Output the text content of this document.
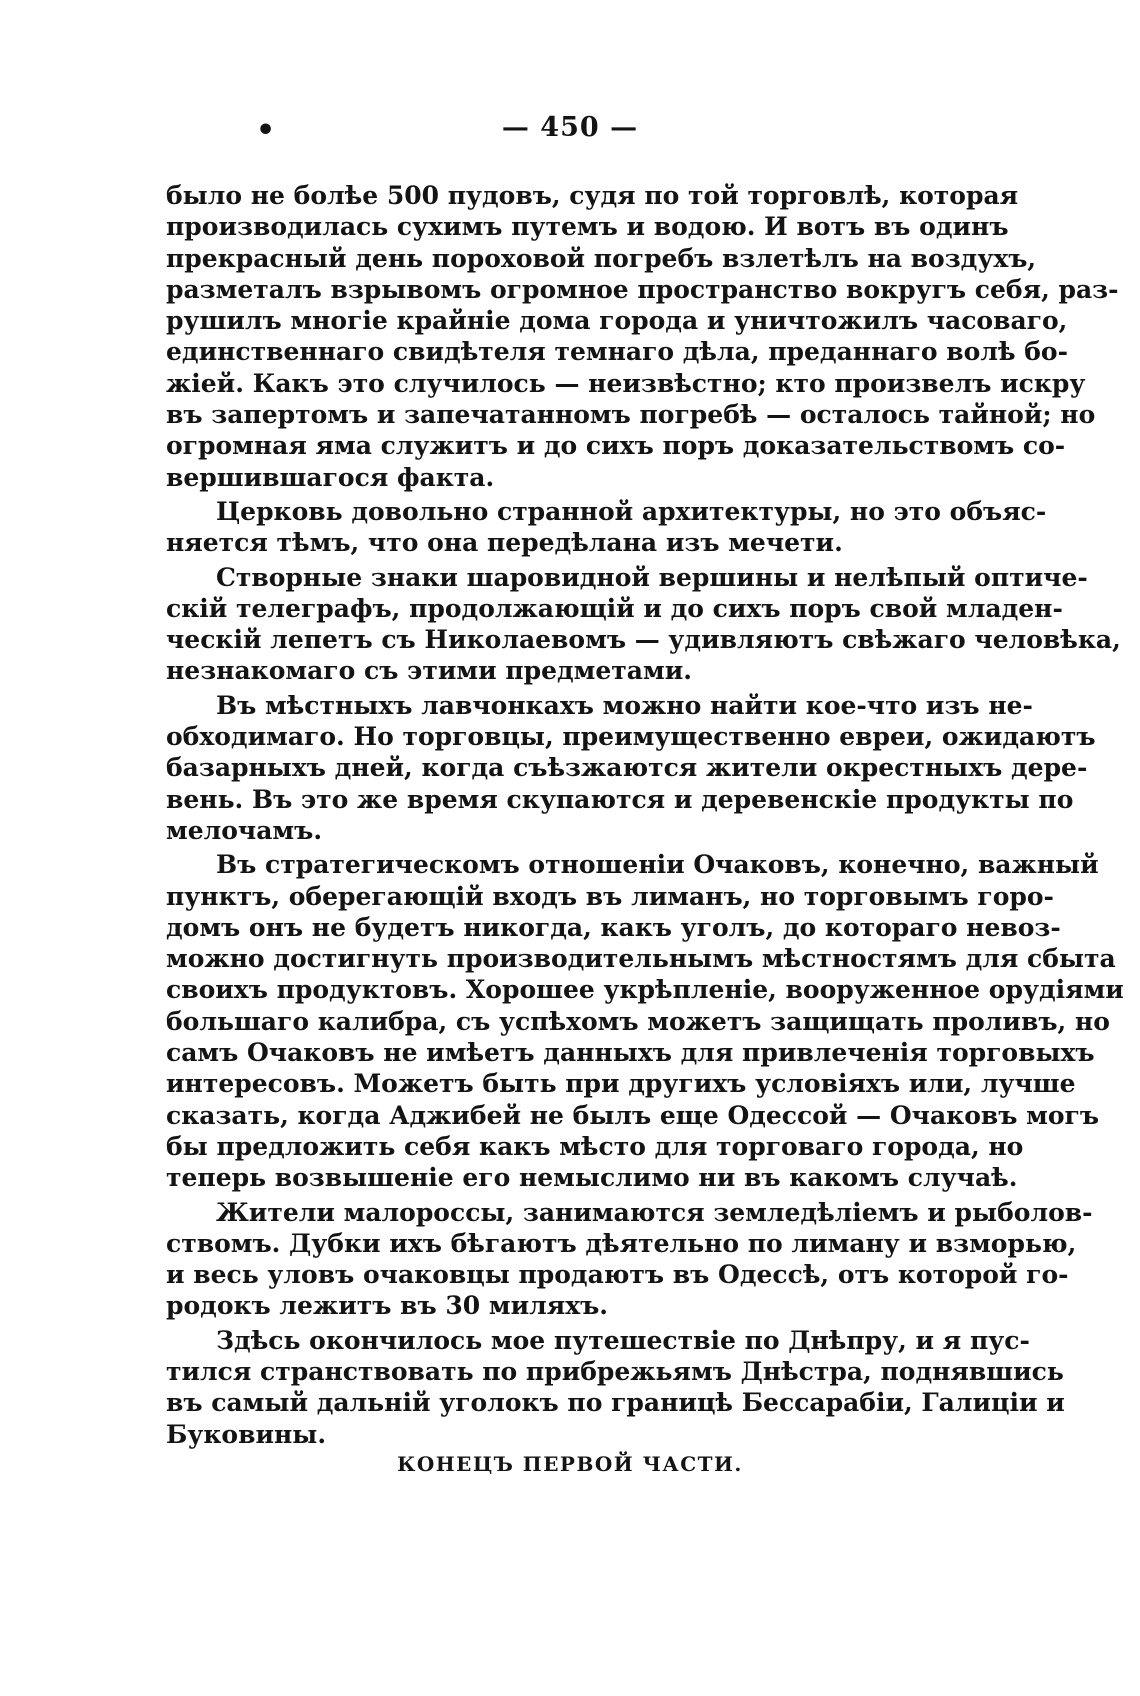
•	— 450 —
было не болѣе 500 пудовъ, судя по той торговлѣ, которая
производилась сухимъ путемъ и водою. И вотъ въ одинъ
прекрасный день пороховой погребъ взлетѣлъ на воздухъ,
разметалъ взрывомъ огромное пространство вокругъ себя, раз-
рушилъ многіе крайніе дома города и уничтожилъ часоваго,
единственнаго свидѣтеля темнаго дѣла, преданнаго волѣ бо-
жіей. Какъ это случилось — неизвѣстно; кто произвелъ искру
въ запертомъ и запечатанномъ погребѣ — осталось тайной; но
огромная яма служитъ и до сихъ поръ доказательствомъ со-
вершившагося факта.
Церковь довольно странной архитектуры, но это объяс-
няется тѣмъ, что она передѣлана изъ мечети.
Створные знаки шаровидной вершины и нелѣпый оптиче-
скій телеграфъ, продолжающій и до сихъ поръ свой младен-
ческій лепетъ съ Николаевомъ — удивляютъ свѣжаго человѣка,
незнакомаго съ этими предметами.
Въ мѣстныхъ лавчонкахъ можно найти кое-что изъ не-
обходимаго. Но торговцы, преимущественно евреи, ожидаютъ
базарныхъ дней, когда съѣзжаются жители окрестныхъ дере-
вень. Въ это же время скупаются и деревенскіе продукты по
мелочамъ.
Въ стратегическомъ отношеніи Очаковъ, конечно, важный
пунктъ, оберегающій входъ въ лиманъ, но торговымъ горо-
домъ онъ не будетъ никогда, какъ уголъ, до котораго невоз-
можно достигнуть производительнымъ мѣстностямъ для сбыта
своихъ продуктовъ. Хорошее укрѣпленіе, вооруженное орудіями
большаго калибра, съ успѣхомъ можетъ защищать проливъ, но
самъ Очаковъ не имѣетъ данныхъ для привлеченія торговыхъ
интересовъ. Можетъ быть при другихъ условіяхъ или, лучше
сказать, когда Аджибей не былъ еще Одессой — Очаковъ могъ
бы предложить себя какъ мѣсто для торговаго города, но
теперь возвышеніе его немыслимо ни въ какомъ случаѣ.
Жители малороссы, занимаются земледѣліемъ и рыболов-
ствомъ. Дубки ихъ бѣгаютъ дѣятельно по лиману и взморью,
и весь уловъ очаковцы продаютъ въ Одессѣ, отъ которой го-
родокъ лежитъ въ 30 миляхъ.
Здѣсь окончилось мое путешествіе по Днѣпру, и я пус-
тился странствовать по прибрежьямъ Днѣстра, поднявшись
въ самый дальній уголокъ по границѣ Бессарабіи, Галиціи и
Буковины.
КОНЕЦЪ ПЕРВОЙ ЧАСТИ.
